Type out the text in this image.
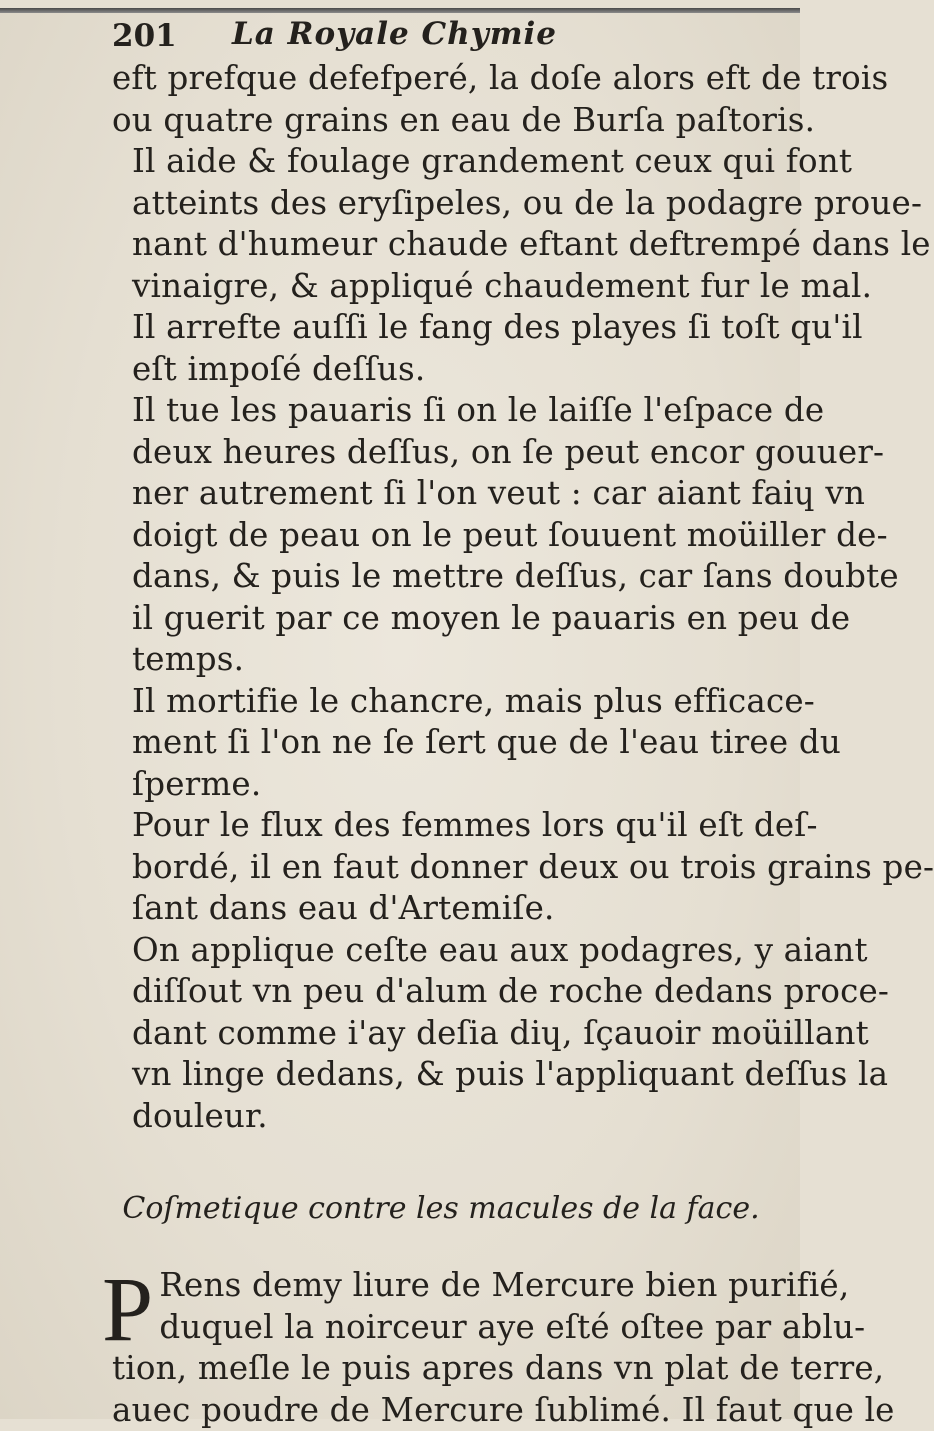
201 La Royale Chymie

eft prefque defefperé, la doſe alors eft de trois
ou quatre grains en eau de Burſa paſtoris.

Il aide & foulage grandement ceux qui font
atteints des eryſipeles, ou de la podagre proue-
nant d'humeur chaude eftant deftrempé dans le
vinaigre, & appliqué chaudement fur le mal.

Il arrefte auſſi le fang des playes ſi toſt qu'il
eſt impoſé deſſus.

Il tue les pauaris ſi on le laiſſe l'eſpace de
deux heures deſſus, on ſe peut encor gouuer-
ner autrement ſi l'on veut : car aiant faiɥ vn
doigt de peau on le peut ſouuent moüiller de-
dans, & puis le mettre deſſus, car ſans doubte
il guerit par ce moyen le pauaris en peu de
temps.

Il mortifie le chancre, mais plus efficace-
ment ſi l'on ne ſe ſert que de l'eau tiree du
ſperme.

Pour le flux des femmes lors qu'il eſt deſ-
bordé, il en faut donner deux ou trois grains pe-
ſant dans eau d'Artemiſe.

On applique ceſte eau aux podagres, y aiant
diſſout vn peu d'alum de roche dedans proce-
dant comme i'ay deſia diɥ, ſçauoir moüillant
vn linge dedans, & puis l'appliquant deſſus la
douleur.

Coſmetique contre les macules de la face.

P Rens demy liure de Mercure bien purifié,
duquel la noirceur aye eſté oſtee par ablu-
tion, meſle le puis apres dans vn plat de terre,
auec poudre de Mercure ſublimé. Il faut que le
